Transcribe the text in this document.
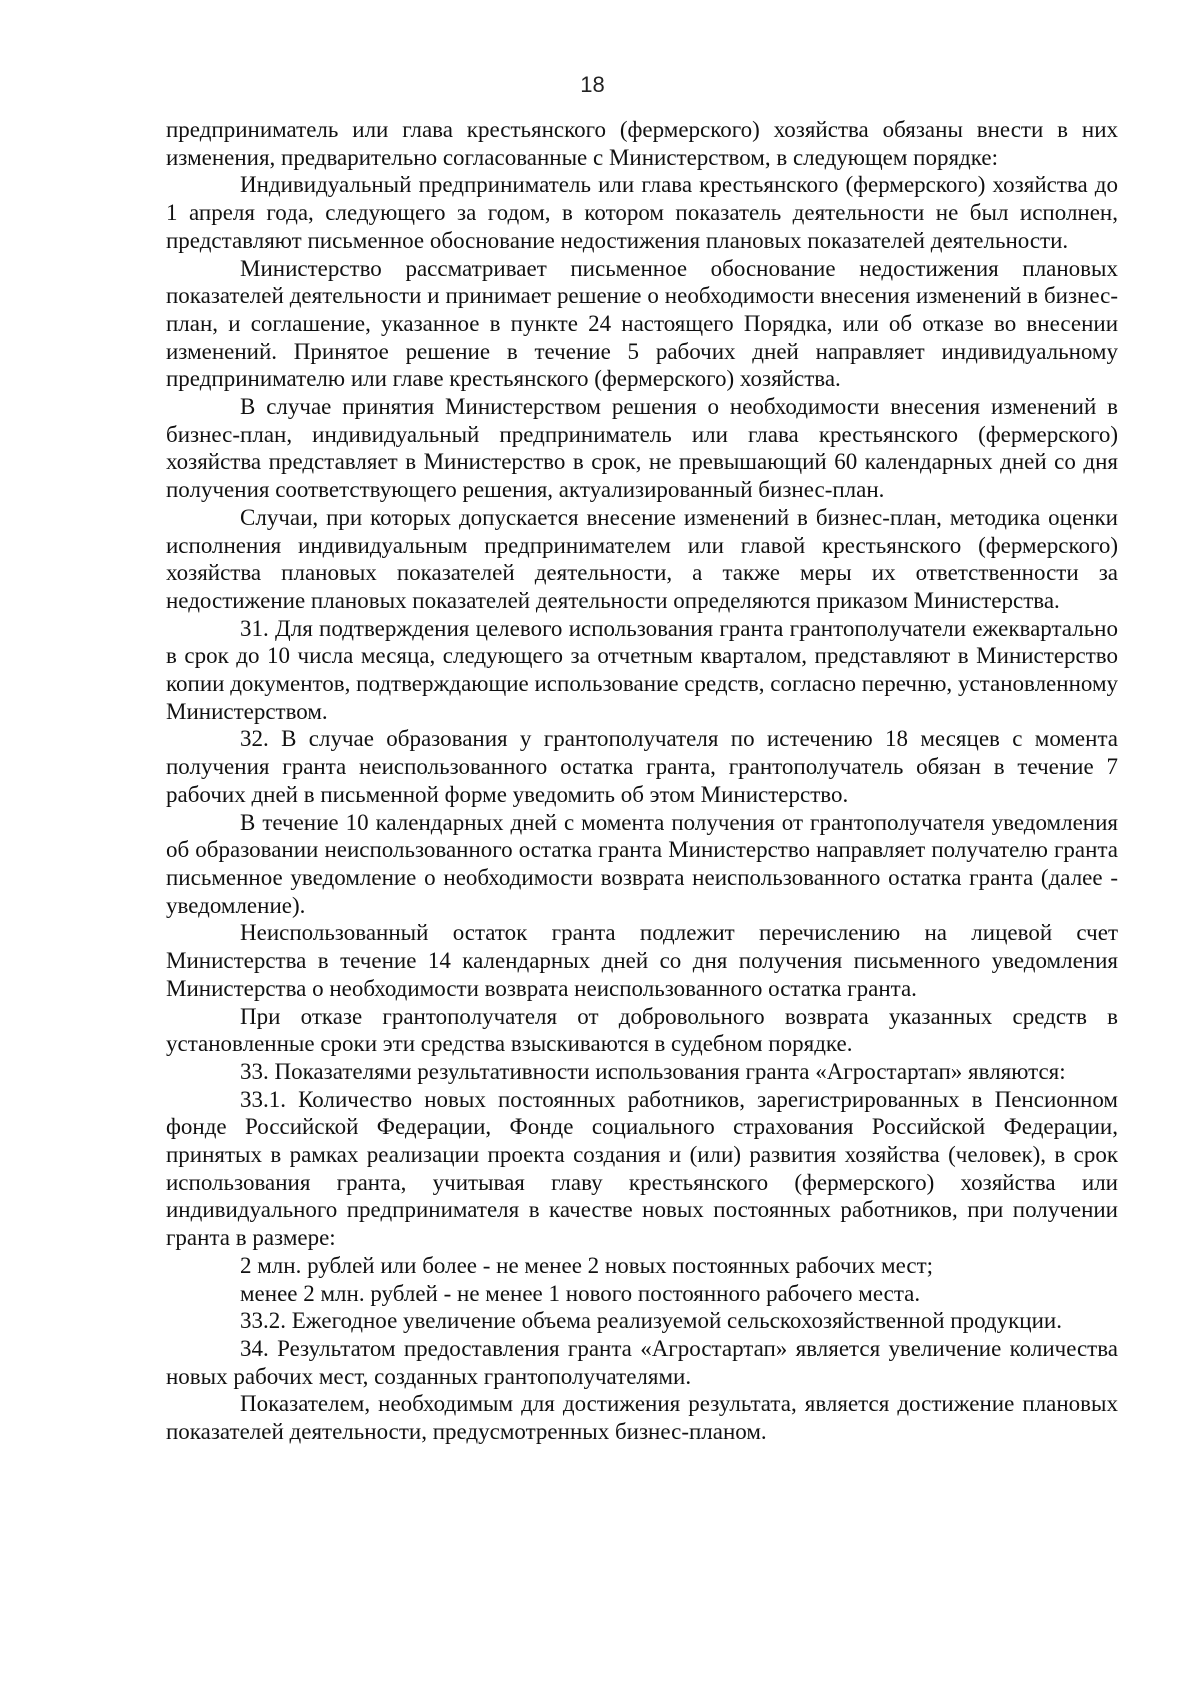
18

предприниматель или глава крестьянского (фермерского) хозяйства обязаны внести в них изменения, предварительно согласованные с Министерством, в следующем порядке:

Индивидуальный предприниматель или глава крестьянского (фермерского) хозяйства до 1 апреля года, следующего за годом, в котором показатель деятельности не был исполнен, представляют письменное обоснование недостижения плановых показателей деятельности.

Министерство рассматривает письменное обоснование недостижения плановых показателей деятельности и принимает решение о необходимости внесения изменений в бизнес-план, и соглашение, указанное в пункте 24 настоящего Порядка, или об отказе во внесении изменений. Принятое решение в течение 5 рабочих дней направляет индивидуальному предпринимателю или главе крестьянского (фермерского) хозяйства.

В случае принятия Министерством решения о необходимости внесения изменений в бизнес-план, индивидуальный предприниматель или глава крестьянского (фермерского) хозяйства представляет в Министерство в срок, не превышающий 60 календарных дней со дня получения соответствующего решения, актуализированный бизнес-план.

Случаи, при которых допускается внесение изменений в бизнес-план, методика оценки исполнения индивидуальным предпринимателем или главой крестьянского (фермерского) хозяйства плановых показателей деятельности, а также меры их ответственности за недостижение плановых показателей деятельности определяются приказом Министерства.

31. Для подтверждения целевого использования гранта грантополучатели ежеквартально в срок до 10 числа месяца, следующего за отчетным кварталом, представляют в Министерство копии документов, подтверждающие использование средств, согласно перечню, установленному Министерством.

32. В случае образования у грантополучателя по истечению 18 месяцев с момента получения гранта неиспользованного остатка гранта, грантополучатель обязан в течение 7 рабочих дней в письменной форме уведомить об этом Министерство.

В течение 10 календарных дней с момента получения от грантополучателя уведомления об образовании неиспользованного остатка гранта Министерство направляет получателю гранта письменное уведомление о необходимости возврата неиспользованного остатка гранта (далее - уведомление).

Неиспользованный остаток гранта подлежит перечислению на лицевой счет Министерства в течение 14 календарных дней со дня получения письменного уведомления Министерства о необходимости возврата неиспользованного остатка гранта.

При отказе грантополучателя от добровольного возврата указанных средств в установленные сроки эти средства взыскиваются в судебном порядке.

33. Показателями результативности использования гранта «Агростартап» являются:

33.1. Количество новых постоянных работников, зарегистрированных в Пенсионном фонде Российской Федерации, Фонде социального страхования Российской Федерации, принятых в рамках реализации проекта создания и (или) развития хозяйства (человек), в срок использования гранта, учитывая главу крестьянского (фермерского) хозяйства или индивидуального предпринимателя в качестве новых постоянных работников, при получении гранта в размере:

2 млн. рублей или более - не менее 2 новых постоянных рабочих мест;

менее 2 млн. рублей - не менее 1 нового постоянного рабочего места.

33.2. Ежегодное увеличение объема реализуемой сельскохозяйственной продукции.

34. Результатом предоставления гранта «Агростартап» является увеличение количества новых рабочих мест, созданных грантополучателями.

Показателем, необходимым для достижения результата, является достижение плановых показателей деятельности, предусмотренных бизнес-планом.
